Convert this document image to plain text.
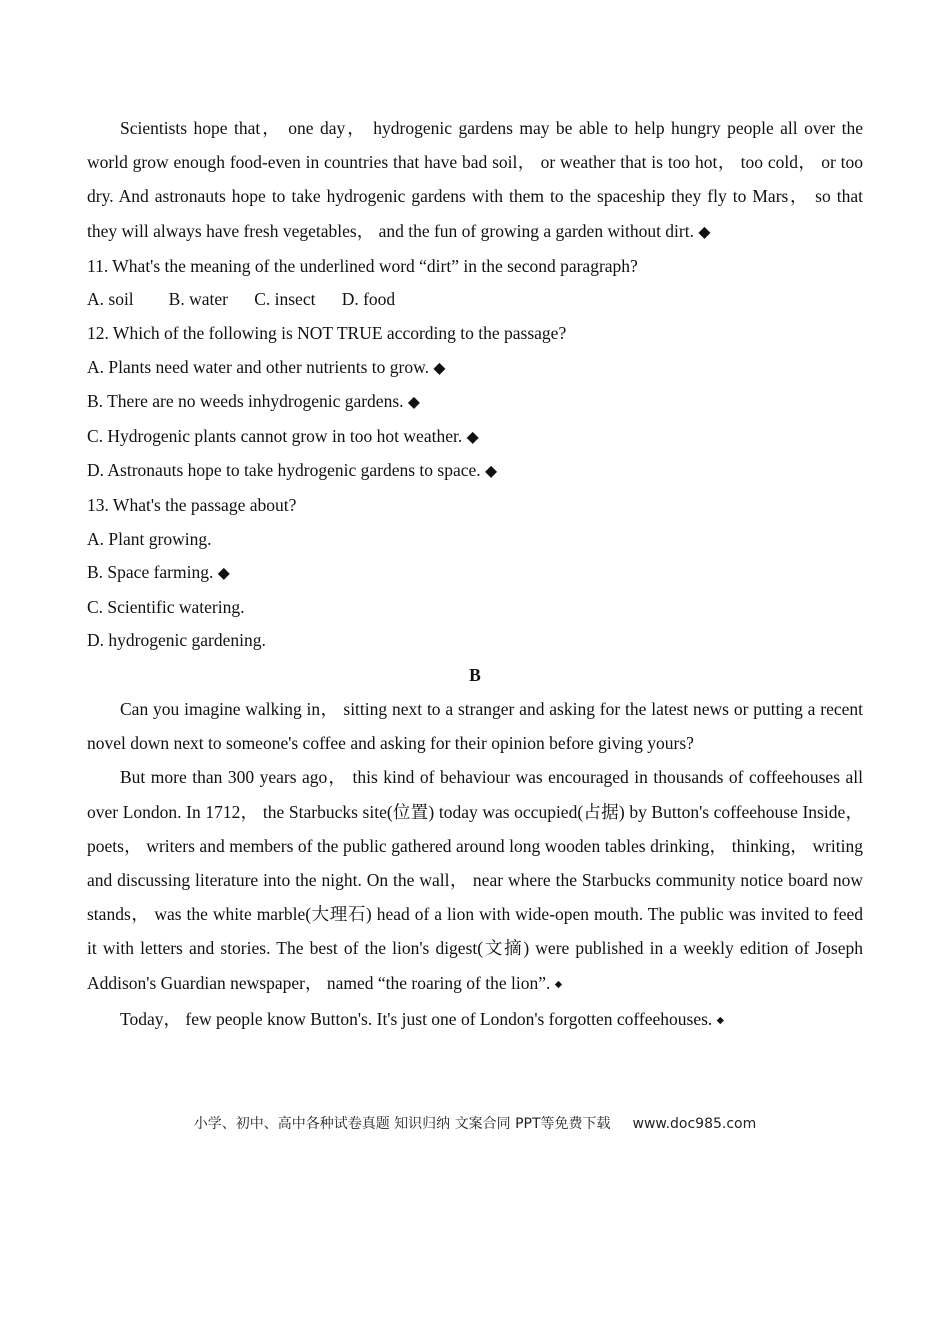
Scientists hope that， one day， hydrogenic gardens may be able to help hungry people all over the world grow enough food-even in countries that have bad soil， or weather that is too hot， too cold， or too dry. And astronauts hope to take hydrogenic gardens with them to the spaceship they fly to Mars， so that they will always have fresh vegetables， and the fun of growing a garden without dirt. ◆

11. What's the meaning of the underlined word “dirt” in the second paragraph?

A. soil        B. water      C. insect      D. food

12. Which of the following is NOT TRUE according to the passage?

A. Plants need water and other nutrients to grow. ◆

B. There are no weeds inhydrogenic gardens. ◆

C. Hydrogenic plants cannot grow in too hot weather. ◆

D. Astronauts hope to take hydrogenic gardens to space. ◆

13. What's the passage about?

A. Plant growing.

B. Space farming. ◆

C. Scientific watering.

D. hydrogenic gardening.

B

Can you imagine walking in， sitting next to a stranger and asking for the latest news or putting a recent novel down next to someone's coffee and asking for their opinion before giving yours?

But more than 300 years ago， this kind of behaviour was encouraged in thousands of coffeehouses all over London. In 1712， the Starbucks site(位置) today was occupied(占据) by Button's coffeehouse Inside， poets， writers and members of the public gathered around long wooden tables drinking， thinking， writing and discussing literature into the night. On the wall， near where the Starbucks community notice board now stands， was the white marble(大理石) head of a lion with wide-open mouth. The public was invited to feed it with letters and stories. The best of the lion's digest(文摘) were published in a weekly edition of Joseph Addison's Guardian newspaper， named “the roaring of the lion”. ◆

Today， few people know Button's. It's just one of London's forgotten coffeehouses. ◆

小学、初中、高中各种试卷真题 知识归纳 文案合同 PPT等免费下载 www.doc985.com
